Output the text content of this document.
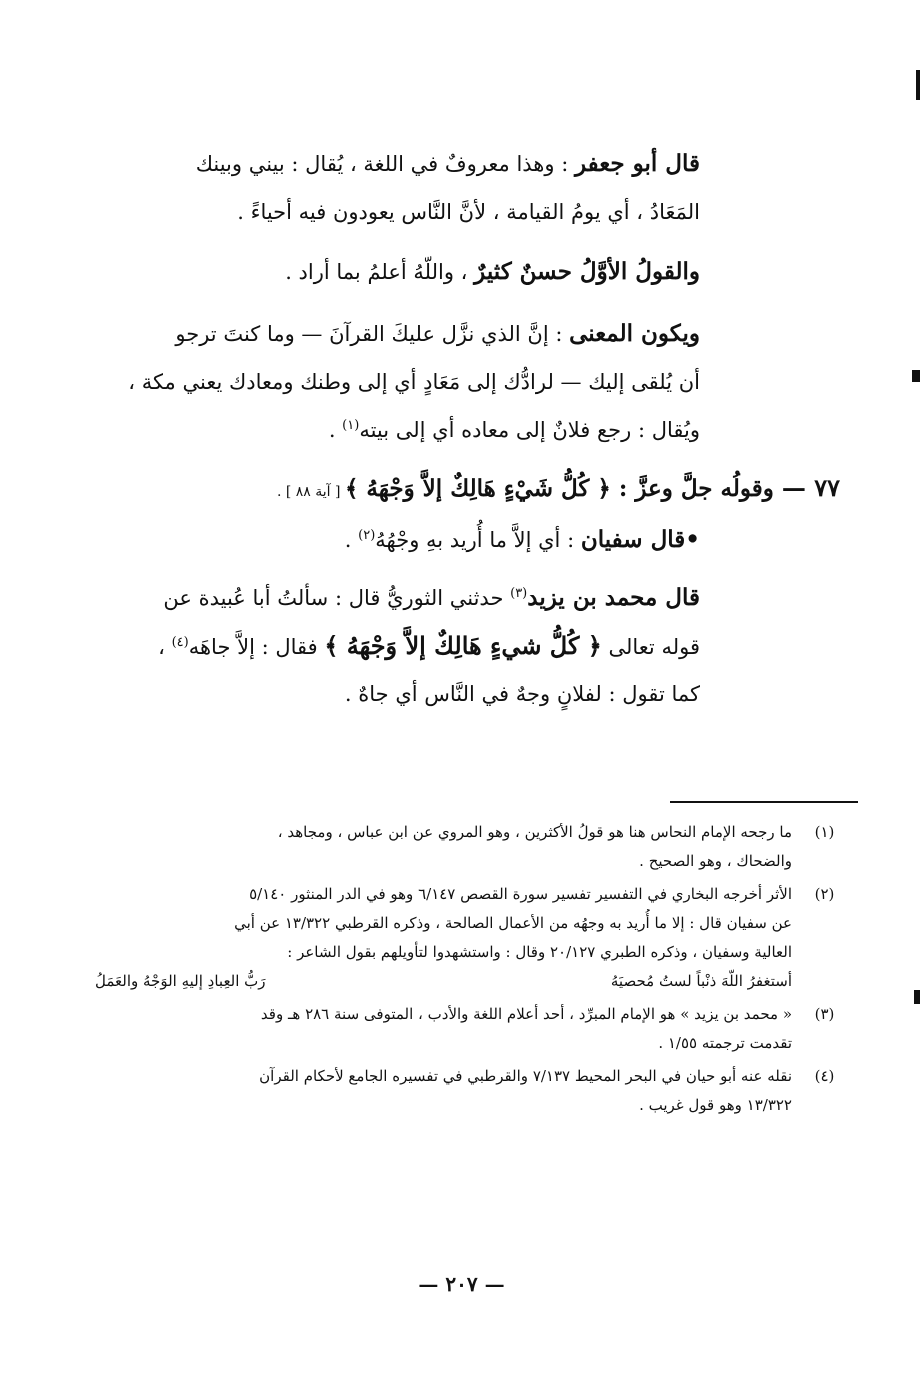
قال أبو جعفر : وهذا معروفٌ في اللغة ، يُقال : بيني وبينك
المَعَادُ ، أي يومُ القيامة ، لأنَّ النَّاس يعودون فيه أحياءً .
والقولُ الأوَّلُ حسنٌ كثيرٌ ، واللّهُ أعلمُ بما أراد .
ويكون المعنى : إنَّ الذي نزَّل عليكَ القرآنَ — وما كنتَ ترجو
أن يُلقى إليك — لرادُّك إلى مَعَادٍ أي إلى وطنك ومعادك يعني مكة ،
ويُقال : رجع فلانٌ إلى معاده أي إلى بيته$^{(١)}$ .
٧٧ — وقولُه جلَّ وعزَّ : ﴿ كُلُّ شَيْءٍ هَالِكٌ إلاَّ وَجْهَهُ ﴾ [ آية ٨٨ ] .
•قال سفيان : أي إلاَّ ما أُريد بهِ وجْهُهُ$^{(٢)}$ .
قال محمد بن يزيد$^{(٣)}$ حدثني الثوريُّ قال : سألتُ أبا عُبيدة عن
قوله تعالى ﴿ كُلُّ شيءٍ هَالِكٌ إلاَّ وَجْهَهُ ﴾ فقال : إلاَّ جاهَه$^{(٤)}$ ،
كما تقول : لفلانٍ وجهٌ في النَّاس أي جاهٌ .
(١)
ما رجحه الإمام النحاس هنا هو قولُ الأكثرين ، وهو المروي عن ابن عباس ، ومجاهد ،
والضحاك ، وهو الصحيح .
(٢)
الأثر أخرجه البخاري في التفسير تفسير سورة القصص ٦/١٤٧ وهو في الدر المنثور ٥/١٤٠
عن سفيان قال : إلا ما أُريد به وجهُه من الأعمال الصالحة ، وذكره القرطبي ١٣/٣٢٢ عن أبي
العالية وسفيان ، وذكره الطبري ٢٠/١٢٧ وقال : واستشهدوا لتأويلهم بقول الشاعر :
أستغفرُ اللّهَ ذنْباً لستُ مُحصيَهُ
رَبُّ العِبادِ إليهِ الوَجْهُ والعَمَلُ
(٣)
« محمد بن يزيد » هو الإمام المبرِّد ، أحد أعلام اللغة والأدب ، المتوفى سنة ٢٨٦ هـ وقد
تقدمت ترجمته ١/٥٥ .
(٤)
نقله عنه أبو حيان في البحر المحيط ٧/١٣٧ والقرطبي في تفسيره الجامع لأحكام القرآن
١٣/٣٢٢ وهو قول غريب .
— ٢٠٧ —
